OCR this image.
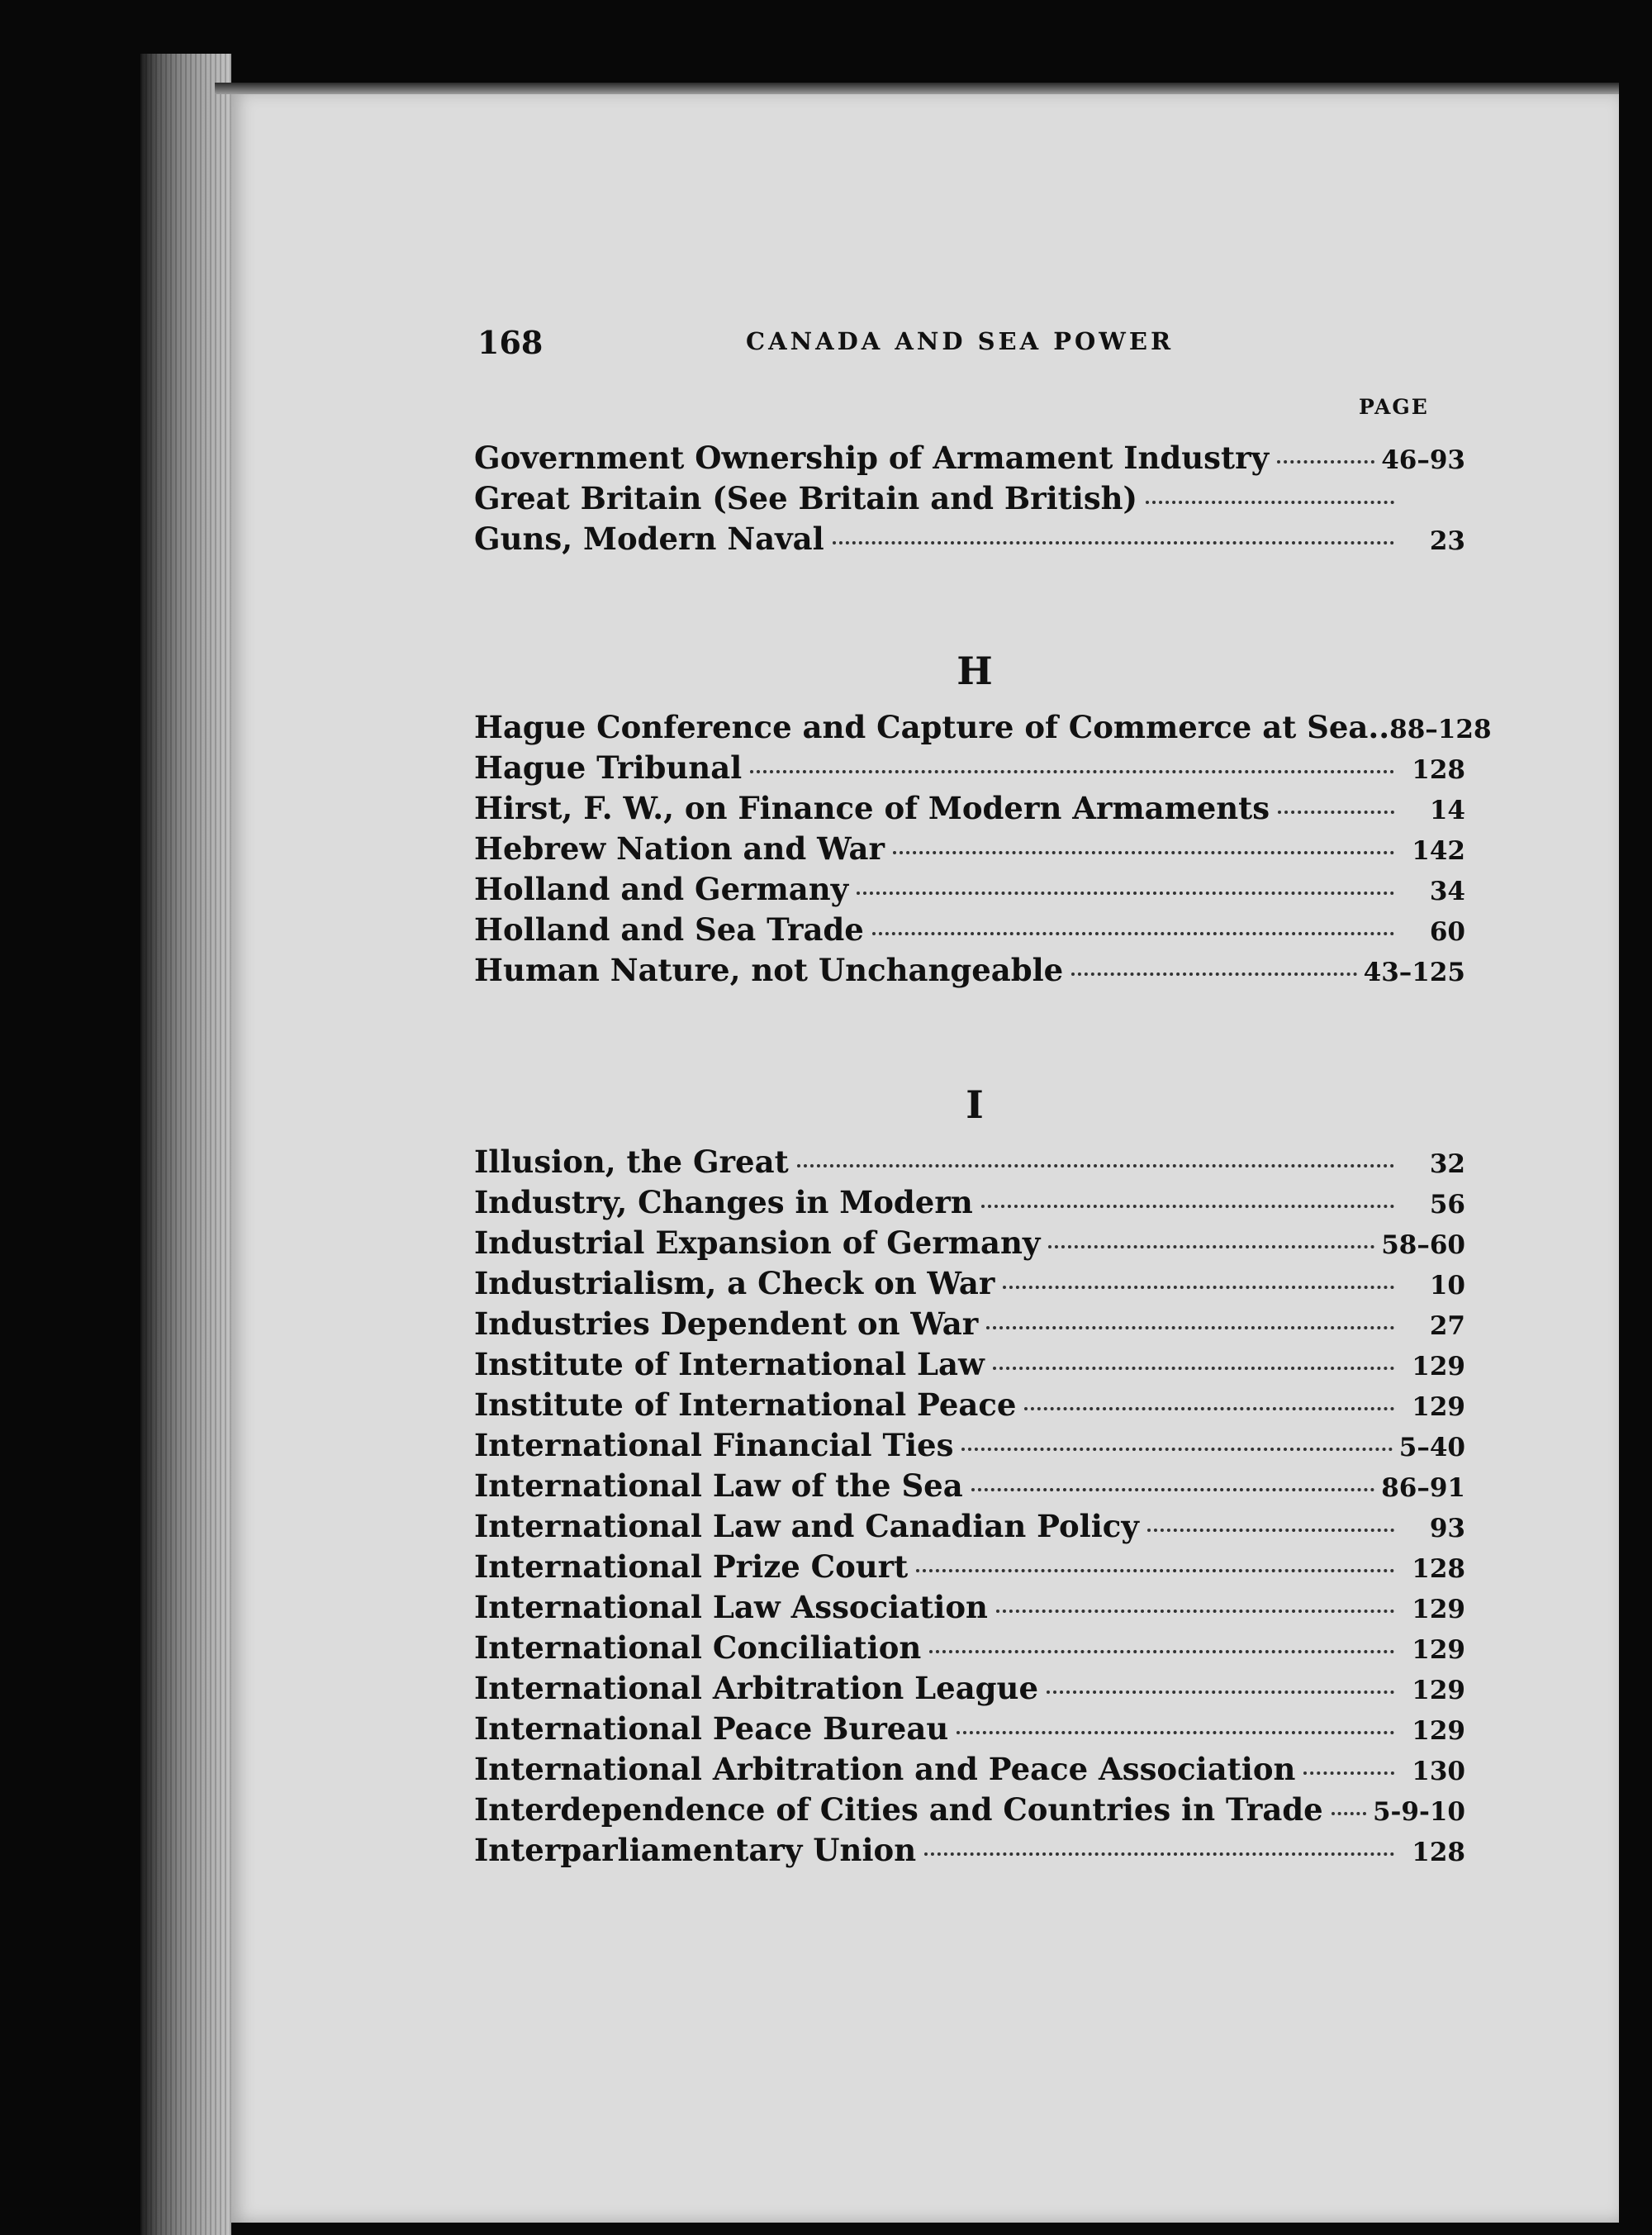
168	CANADA AND SEA POWER
PAGE
Government Ownership of Armament Industry	46–93
Great Britain (See Britain and British)
Guns, Modern Naval	23
H
Hague Conference and Capture of Commerce at Sea.. 88–128
Hague Tribunal	128
Hirst, F. W., on Finance of Modern Armaments	14
Hebrew Nation and War	142
Holland and Germany	34
Holland and Sea Trade	60
Human Nature, not Unchangeable	43–125
I
Illusion, the Great	32
Industry, Changes in Modern	56
Industrial Expansion of Germany	58–60
Industrialism, a Check on War	10
Industries Dependent on War	27
Institute of International Law	129
Institute of International Peace	129
International Financial Ties	5–40
International Law of the Sea	86–91
International Law and Canadian Policy	93
International Prize Court	128
International Law Association	129
International Conciliation	129
International Arbitration League	129
International Peace Bureau	129
International Arbitration and Peace Association	130
Interdependence of Cities and Countries in Trade 5-9-10
Interparliamentary Union	128
